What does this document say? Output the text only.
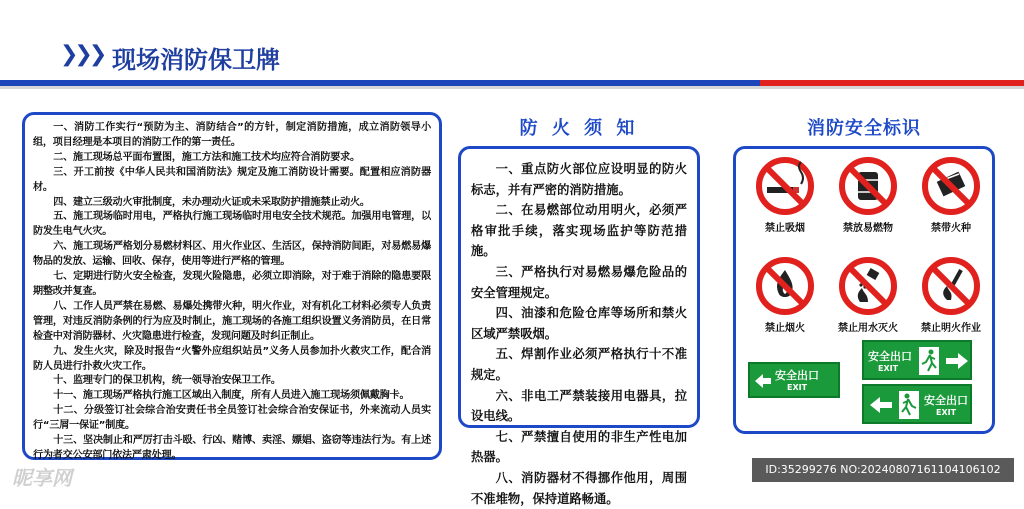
❯❯❯ 现场消防保卫牌

一、消防工作实行“预防为主、消防结合”的方针，制定消防措施，成立消防领导小组，项目经理是本项目的消防工作的第一责任。

二、施工现场总平面布置图，施工方法和施工技术均应符合消防要求。

三、开工前按《中华人民共和国消防法》规定及施工消防设计需要。配置相应消防器材。

四、建立三级动火审批制度，未办理动火证或未采取防护措施禁止动火。

五、施工现场临时用电，严格执行施工现场临时用电安全技术规范。加强用电管理，以防发生电气火灾。

六、施工现场严格划分易燃材料区、用火作业区、生活区，保持消防间距，对易燃易爆物品的发放、运输、回收、保存，使用等进行严格的管理。

七、定期进行防火安全检查，发现火险隐患，必须立即消除，对于难于消除的隐患要限期整改并复查。

八、工作人员严禁在易燃、易爆处携带火种，明火作业，对有机化工材料必须专人负责管理，对违反消防条例的行为应及时制止，施工现场的各施工组织设置义务消防员，在日常检查中对消防器材、火灾隐患进行检查，发现问题及时纠正制止。

九、发生火灾，除及时报告“火警外应组织站员”义务人员参加扑火救灾工作，配合消防人员进行扑救火灾工作。

十、监理专门的保卫机构，统一领导治安保卫工作。

十一、施工现场严格执行施工区域出入制度，所有人员进入施工现场须佩戴胸卡。

十二、分级签订社会综合治安责任书全员签订社会综合治安保证书，外来流动人员实行“三屑一保证”制度。

十三、坚决制止和严厉打击斗殴、行凶、赌博、卖淫、嫖娼、盗窃等违法行为。有上述行为者交公安部门依法严肃处理。

防 火 须 知

一、重点防火部位应设明显的防火标志，并有严密的消防措施。

二、在易燃部位动用明火，必须严格审批手续，落实现场监护等防范措施。

三、严格执行对易燃易爆危险品的安全管理规定。

四、油漆和危险仓库等场所和禁火区域严禁吸烟。

五、焊割作业必须严格执行十不准规定。

六、非电工严禁装接用电器具，拉设电线。

七、严禁擅自使用的非生产性电加热器。

八、消防器材不得挪作他用，周围不准堆物，保持道路畅通。

消防安全标识
禁止吸烟	禁放易燃物	禁带火种
禁止烟火	禁止用水灭火	禁止明火作业
安全出口
EXIT
安全出口
EXIT
安全出口
EXIT
昵享网	ID:35299276 NO:20240807161104106102
